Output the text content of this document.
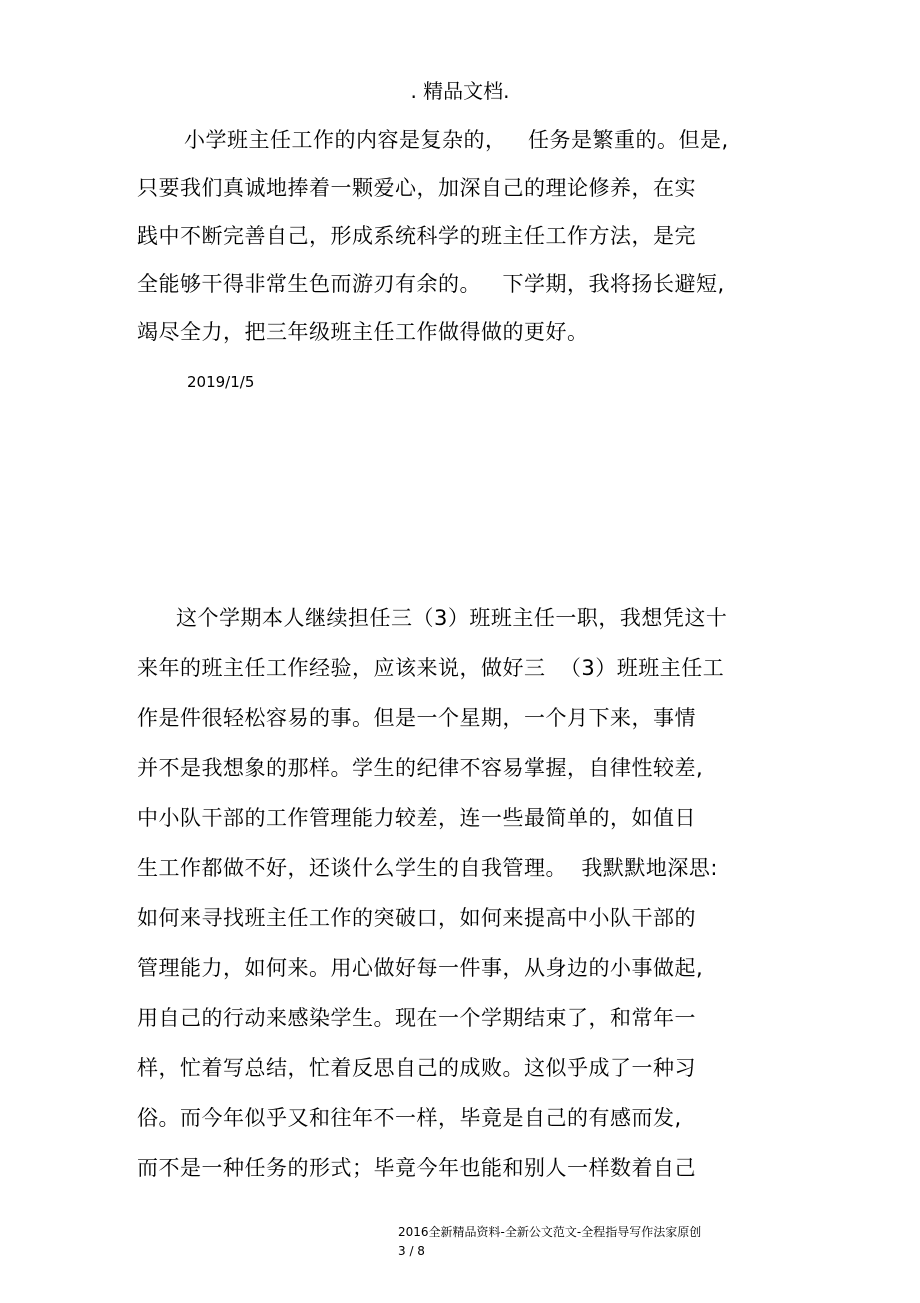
. 精品文档.
小学班主任工作的内容是复杂的，   任务是繁重的。但是,
只要我们真诚地捧着一颗爱心，加深自己的理论修养，在实
践中不断完善自己，形成系统科学的班主任工作方法，是完
全能够干得非常生色而游刃有余的。   下学期，我将扬长避短,
竭尽全力，把三年级班主任工作做得做的更好。
2019/1/5
这个学期本人继续担任三（3）班班主任一职，我想凭这十
来年的班主任工作经验，应该来说，做好三  （3）班班主任工
作是件很轻松容易的事。但是一个星期，一个月下来，事情
并不是我想象的那样。学生的纪律不容易掌握，自律性较差,
中小队干部的工作管理能力较差，连一些最简单的，如值日
生工作都做不好，还谈什么学生的自我管理。  我默默地深思:
如何来寻找班主任工作的突破口，如何来提高中小队干部的
管理能力，如何来。用心做好每一件事，从身边的小事做起,
用自己的行动来感染学生。现在一个学期结束了，和常年一
样，忙着写总结，忙着反思自己的成败。这似乎成了一种习
俗。而今年似乎又和往年不一样，毕竟是自己的有感而发,
而不是一种任务的形式；毕竟今年也能和别人一样数着自己
2016全新精品资料-全新公文范文-全程指导写作法家原创
3 / 8
